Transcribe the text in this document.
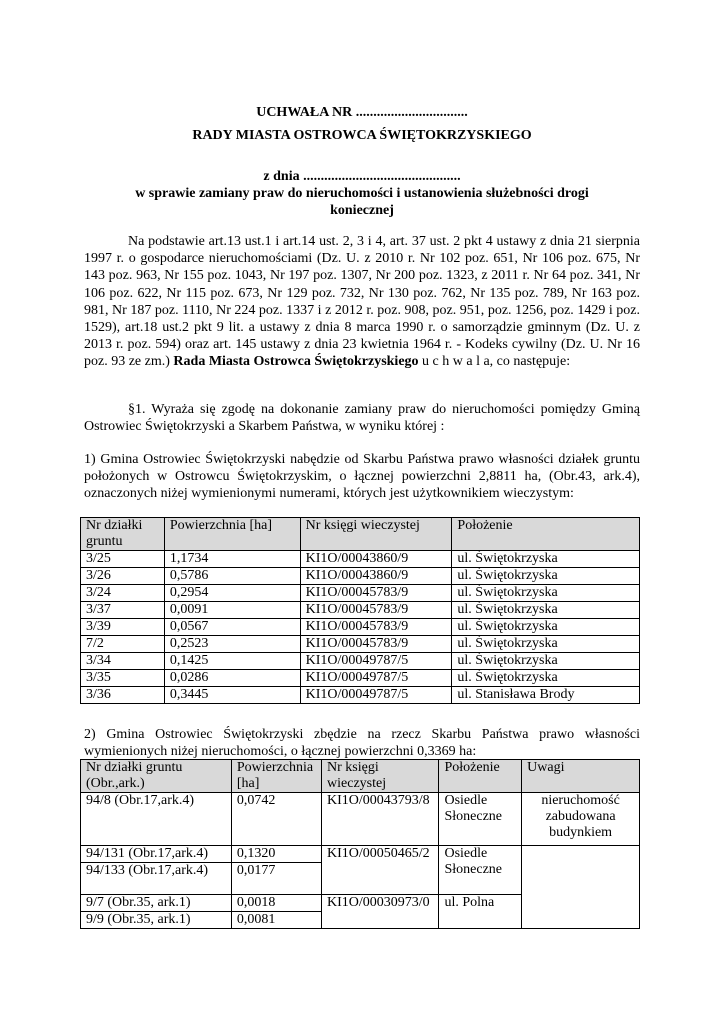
UCHWAŁA NR ................................
RADY MIASTA OSTROWCA ŚWIĘTOKRZYSKIEGO
z dnia .............................................
w sprawie zamiany praw do nieruchomości i ustanowienia służebności drogi
koniecznej

Na podstawie art.13 ust.1 i art.14 ust. 2, 3 i 4, art. 37 ust. 2 pkt 4 ustawy z dnia 21 sierpnia 1997 r. o gospodarce nieruchomościami (Dz. U. z 2010 r. Nr 102 poz. 651, Nr 106 poz. 675, Nr 143 poz. 963, Nr 155 poz. 1043, Nr 197 poz. 1307, Nr 200 poz. 1323, z 2011 r. Nr 64 poz. 341, Nr 106 poz. 622, Nr 115 poz. 673, Nr 129 poz. 732, Nr 130 poz. 762, Nr 135 poz. 789, Nr 163 poz. 981, Nr 187 poz. 1110, Nr 224 poz. 1337 i z 2012 r. poz. 908, poz. 951, poz. 1256, poz. 1429 i poz. 1529), art.18 ust.2 pkt 9 lit. a ustawy z dnia 8 marca 1990 r. o samorządzie gminnym (Dz. U. z 2013 r. poz. 594) oraz art. 145 ustawy z dnia 23 kwietnia 1964 r. - Kodeks cywilny (Dz. U. Nr 16 poz. 93 ze zm.) Rada Miasta Ostrowca Świętokrzyskiego u c h w a l a, co następuje:

§1. Wyraża się zgodę na dokonanie zamiany praw do nieruchomości pomiędzy Gminą Ostrowiec Świętokrzyski a Skarbem Państwa, w wyniku której :

1) Gmina Ostrowiec Świętokrzyski nabędzie od Skarbu Państwa prawo własności działek gruntu położonych w Ostrowcu Świętokrzyskim, o łącznej powierzchni 2,8811 ha, (Obr.43, ark.4), oznaczonych niżej wymienionymi numerami, których jest użytkownikiem wieczystym:

Nr działki gruntu	Powierzchnia [ha]	Nr księgi wieczystej	Położenie
3/25	1,1734	KI1O/00043860/9	ul. Świętokrzyska
3/26	0,5786	KI1O/00043860/9	ul. Świętokrzyska
3/24	0,2954	KI1O/00045783/9	ul. Świętokrzyska
3/37	0,0091	KI1O/00045783/9	ul. Świętokrzyska
3/39	0,0567	KI1O/00045783/9	ul. Świętokrzyska
7/2	0,2523	KI1O/00045783/9	ul. Świętokrzyska
3/34	0,1425	KI1O/00049787/5	ul. Świętokrzyska
3/35	0,0286	KI1O/00049787/5	ul. Świętokrzyska
3/36	0,3445	KI1O/00049787/5	ul. Stanisława Brody

2) Gmina Ostrowiec Świętokrzyski zbędzie na rzecz Skarbu Państwa prawo własności wymienionych niżej nieruchomości, o łącznej powierzchni 0,3369 ha:

Nr działki gruntu (Obr.,ark.)	Powierzchnia [ha]	Nr księgi wieczystej	Położenie	Uwagi
94/8 (Obr.17,ark.4)	0,0742	KI1O/00043793/8	Osiedle Słoneczne	nieruchomość zabudowana budynkiem
94/131 (Obr.17,ark.4)	0,1320	KI1O/00050465/2	Osiedle Słoneczne	
94/133 (Obr.17,ark.4)	0,0177			
9/7 (Obr.35, ark.1)	0,0018	KI1O/00030973/0	ul. Polna	
9/9 (Obr.35, ark.1)	0,0081			
